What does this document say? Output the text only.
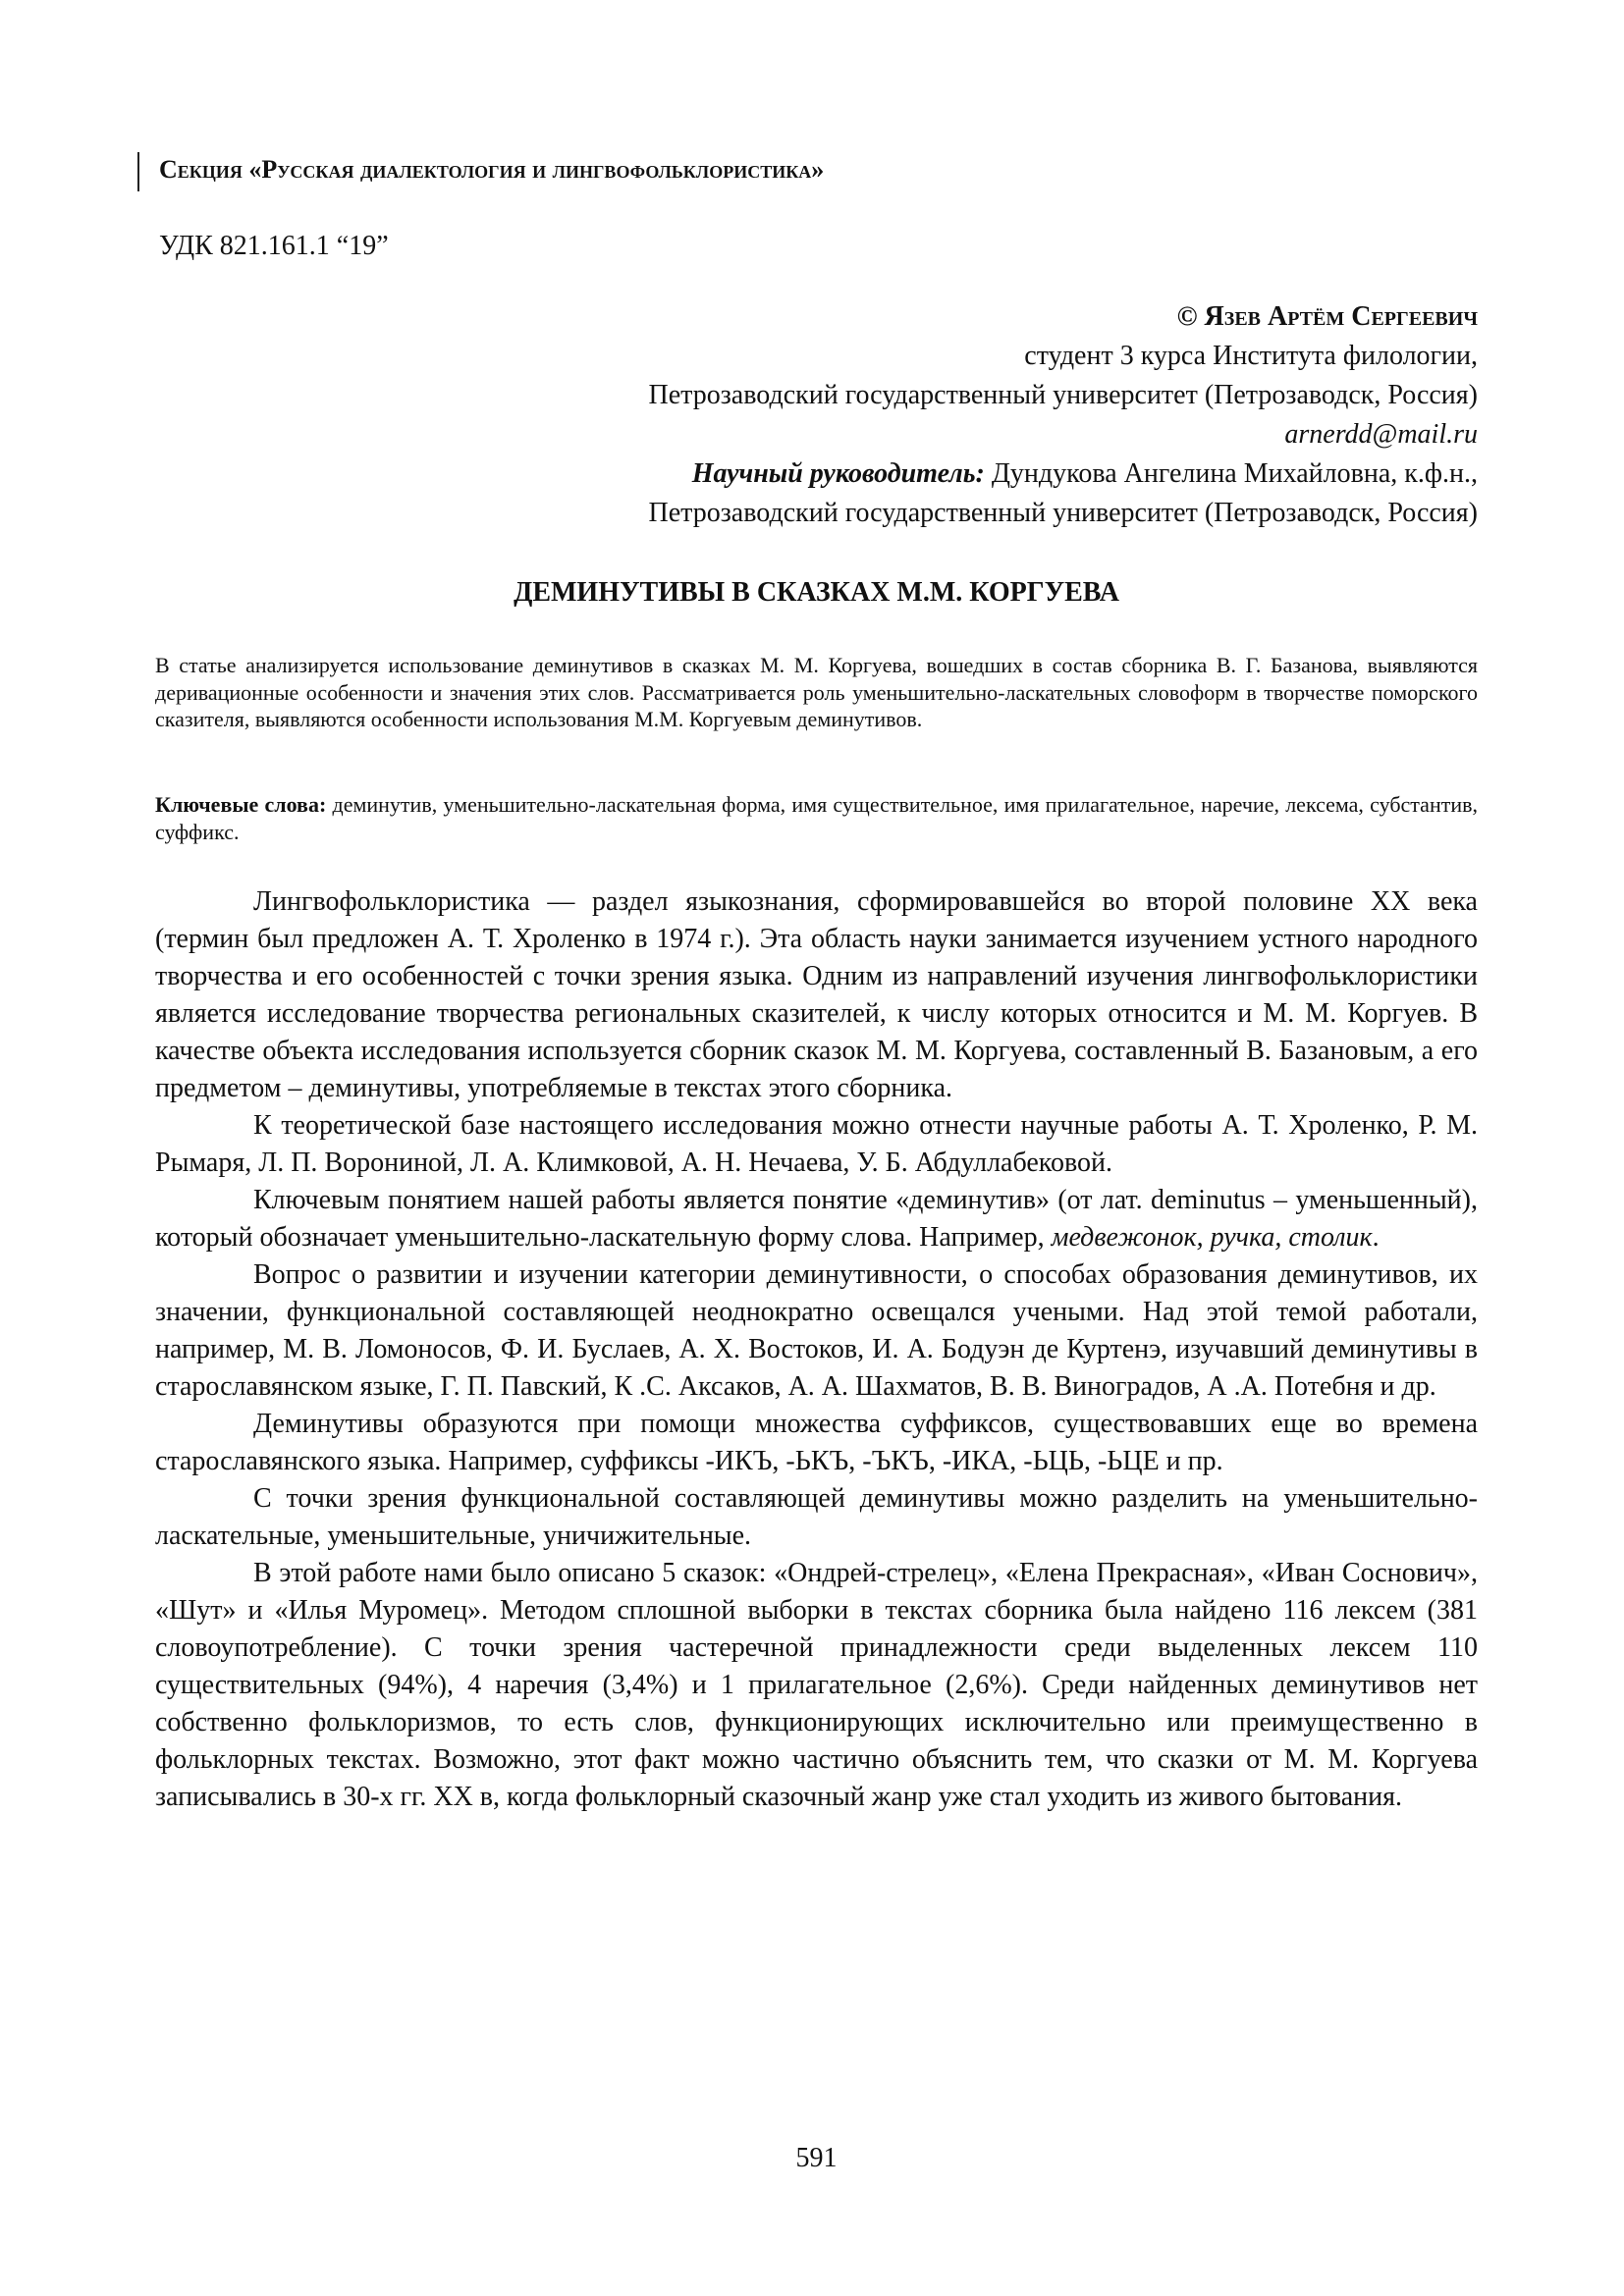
Секция «Русская диалектология и лингвофольклористика»
УДК 821.161.1 “19”
© Язев Артём Сергеевич
студент 3 курса Института филологии,
Петрозаводский государственный университет (Петрозаводск, Россия)
arnerdd@mail.ru
Научный руководитель: Дундукова Ангелина Михайловна, к.ф.н.,
Петрозаводский государственный университет (Петрозаводск, Россия)
ДЕМИНУТИВЫ В СКАЗКАХ М.М. КОРГУЕВА

В статье анализируется использование деминутивов в сказках М. М. Коргуева, вошедших в состав сборника В. Г. Базанова, выявляются деривационные особенности и значения этих слов. Рассматривается роль уменьшительно-ласкательных словоформ в творчестве поморского сказителя, выявляются особенности использования М.М. Коргуевым деминутивов.

Ключевые слова: деминутив, уменьшительно-ласкательная форма, имя существительное, имя прилагательное, наречие, лексема, субстантив, суффикс.

Лингвофольклористика — раздел языкознания, сформировавшейся во второй половине XX века (термин был предложен А. Т. Хроленко в 1974 г.). Эта область науки занимается изучением устного народного творчества и его особенностей с точки зрения языка. Одним из направлений изучения лингвофольклористики является исследование творчества региональных сказителей, к числу которых относится и М. М. Коргуев. В качестве объекта исследования используется сборник сказок М. М. Коргуева, составленный В. Базановым, а его предметом – деминутивы, употребляемые в текстах этого сборника.

К теоретической базе настоящего исследования можно отнести научные работы А. Т. Хроленко, Р. М. Рымаря, Л. П. Ворониной, Л. А. Климковой, А. Н. Нечаева, У. Б. Абдуллабековой.

Ключевым понятием нашей работы является понятие «деминутив» (от лат. deminutus – уменьшенный), который обозначает уменьшительно-ласкательную форму слова. Например, медвежонок, ручка, столик.

Вопрос о развитии и изучении категории деминутивности, о способах образования деминутивов, их значении, функциональной составляющей неоднократно освещался учеными. Над этой темой работали, например, М. В. Ломоносов, Ф. И. Буслаев, А. Х. Востоков, И. А. Бодуэн де Куртенэ, изучавший деминутивы в старославянском языке, Г. П. Павский, К .С. Аксаков, А. А. Шахматов, В. В. Виноградов, А .А. Потебня и др.

Деминутивы образуются при помощи множества суффиксов, существовавших еще во времена старославянского языка. Например, суффиксы -ИКЪ, -ЬКЪ, -ЪКЪ, -ИКА, -ЬЦЬ, -ЬЦЕ и пр.

С точки зрения функциональной составляющей деминутивы можно разделить на уменьшительно-ласкательные, уменьшительные, уничижительные.

В этой работе нами было описано 5 сказок: «Ондрей-стрелец», «Елена Прекрасная», «Иван Соснович», «Шут» и «Илья Муромец». Методом сплошной выборки в текстах сборника была найдено 116 лексем (381 словоупотребление). С точки зрения частеречной принадлежности среди выделенных лексем 110 существительных (94%), 4 наречия (3,4%) и 1 прилагательное (2,6%). Среди найденных деминутивов нет собственно фольклоризмов, то есть слов, функционирующих исключительно или преимущественно в фольклорных текстах. Возможно, этот факт можно частично объяснить тем, что сказки от М. М. Коргуева записывались в 30-х гг. XX в, когда фольклорный сказочный жанр уже стал уходить из живого бытования.

591
